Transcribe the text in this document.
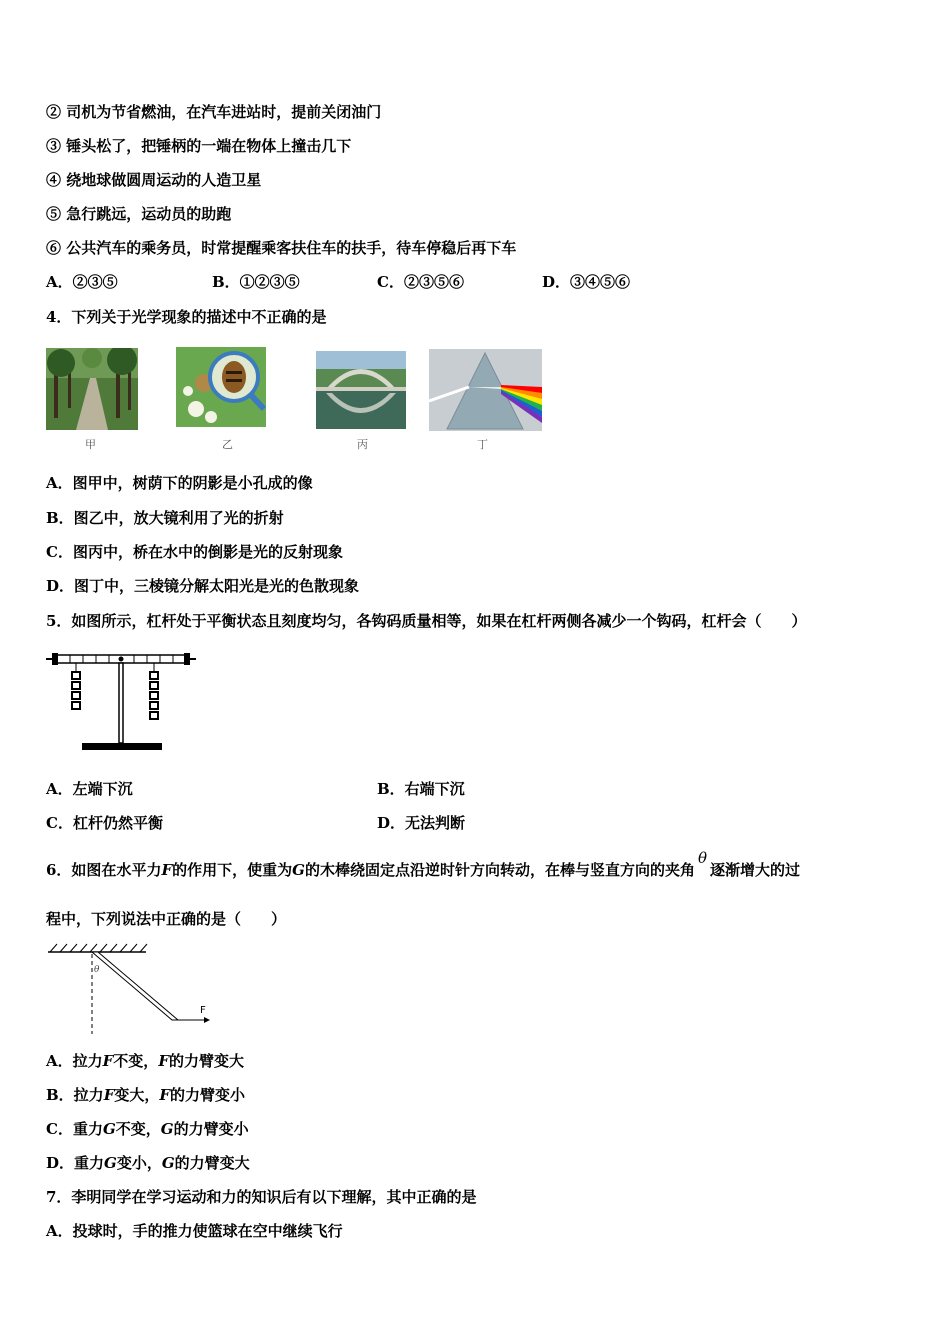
② 司机为节省燃油，在汽车进站时，提前关闭油门
③ 锤头松了，把锤柄的一端在物体上撞击几下
④ 绕地球做圆周运动的人造卫星
⑤ 急行跳远，运动员的助跑
⑥ 公共汽车的乘务员，时常提醒乘客扶住车的扶手，待车停稳后再下车
A．②③⑤	B．①②③⑤	C．②③⑤⑥	D．③④⑤⑥
4．下列关于光学现象的描述中不正确的是
甲	乙	丙	丁
A．图甲中，树荫下的阴影是小孔成的像
B．图乙中，放大镜利用了光的折射
C．图丙中，桥在水中的倒影是光的反射现象
D．图丁中，三棱镜分解太阳光是光的色散现象
5．如图所示，杠杆处于平衡状态且刻度均匀，各钩码质量相等，如果在杠杆两侧各减少一个钩码，杠杆会（　　）
A．左端下沉	B．右端下沉
C．杠杆仍然平衡	D．无法判断
6．如图在水平力F的作用下，使重为G的木棒绕固定点沿逆时针方向转动，在棒与竖直方向的夹角θ逐渐增大的过
程中，下列说法中正确的是（　　）
θ
F
A．拉力F不变，F的力臂变大
B．拉力F变大，F的力臂变小
C．重力G不变，G的力臂变小
D．重力G变小，G的力臂变大
7．李明同学在学习运动和力的知识后有以下理解，其中正确的是
A．投球时，手的推力使篮球在空中继续飞行
